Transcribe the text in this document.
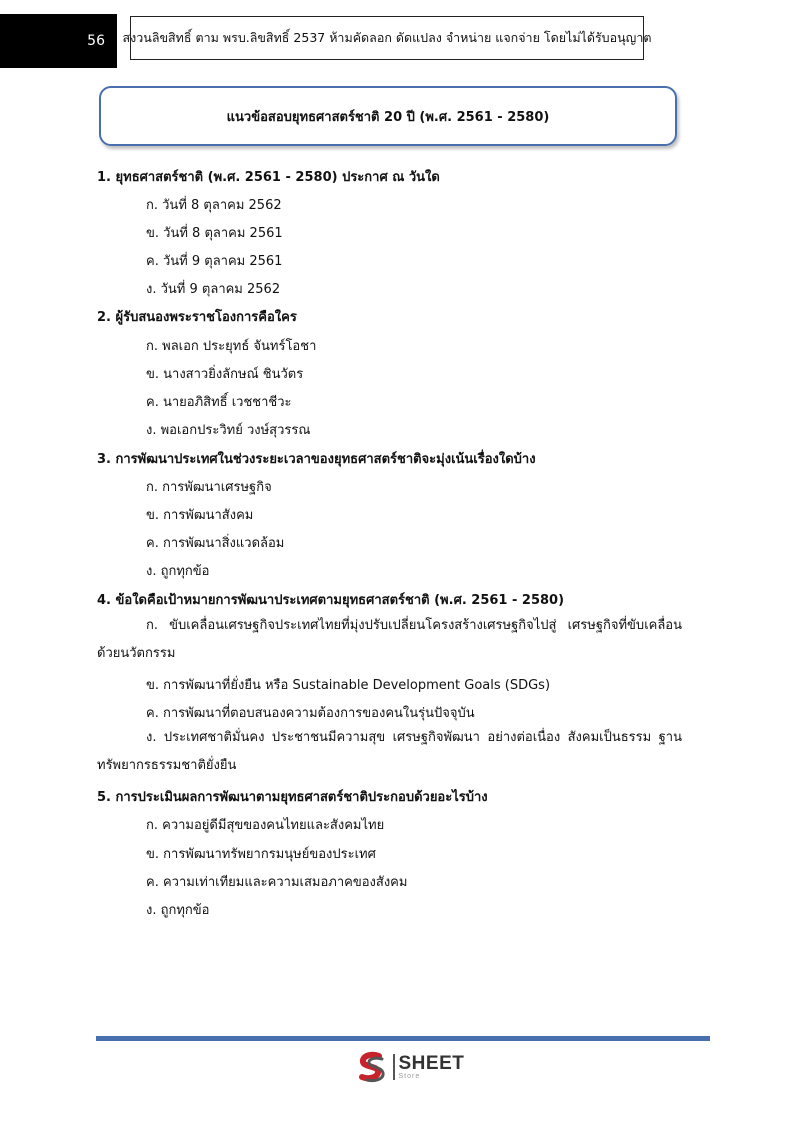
56	สงวนลิขสิทธิ์ ตาม พรบ.ลิขสิทธิ์ 2537 ห้ามคัดลอก ดัดแปลง จำหน่าย แจกจ่าย โดยไม่ได้รับอนุญาต
แนวข้อสอบยุทธศาสตร์ชาติ 20 ปี (พ.ศ. 2561 - 2580)
1. ยุทธศาสตร์ชาติ (พ.ศ. 2561 - 2580) ประกาศ ณ วันใด
ก. วันที่ 8 ตุลาคม 2562
ข. วันที่ 8 ตุลาคม 2561
ค. วันที่ 9 ตุลาคม 2561
ง. วันที่ 9 ตุลาคม 2562
2. ผู้รับสนองพระราชโองการคือใคร
ก. พลเอก ประยุทธ์ จันทร์โอชา
ข. นางสาวยิ่งลักษณ์ ชินวัตร
ค. นายอภิสิทธิ์ เวชชาชีวะ
ง. พอเอกประวิทย์ วงษ์สุวรรณ
3. การพัฒนาประเทศในช่วงระยะเวลาของยุทธศาสตร์ชาติจะมุ่งเน้นเรื่องใดบ้าง
ก. การพัฒนาเศรษฐกิจ
ข. การพัฒนาสังคม
ค. การพัฒนาสิ่งแวดล้อม
ง. ถูกทุกข้อ
4. ข้อใดคือเป้าหมายการพัฒนาประเทศตามยุทธศาสตร์ชาติ (พ.ศ. 2561 - 2580)
ก. ขับเคลื่อนเศรษฐกิจประเทศไทยที่มุ่งปรับเปลี่ยนโครงสร้างเศรษฐกิจไปสู่ เศรษฐกิจที่ขับเคลื่อนด้วยนวัตกรรม
ข. การพัฒนาที่ยั่งยืน หรือ Sustainable Development Goals (SDGs)
ค. การพัฒนาที่ตอบสนองความต้องการของคนในรุ่นปัจจุบัน
ง. ประเทศชาติมั่นคง ประชาชนมีความสุข เศรษฐกิจพัฒนา อย่างต่อเนื่อง สังคมเป็นธรรม ฐานทรัพยากรธรรมชาติยั่งยืน
5. การประเมินผลการพัฒนาตามยุทธศาสตร์ชาติประกอบด้วยอะไรบ้าง
ก. ความอยู่ดีมีสุขของคนไทยและสังคมไทย
ข. การพัฒนาทรัพยากรมนุษย์ของประเทศ
ค. ความเท่าเทียมและความเสมอภาคของสังคม
ง. ถูกทุกข้อ
SHEET
Store
